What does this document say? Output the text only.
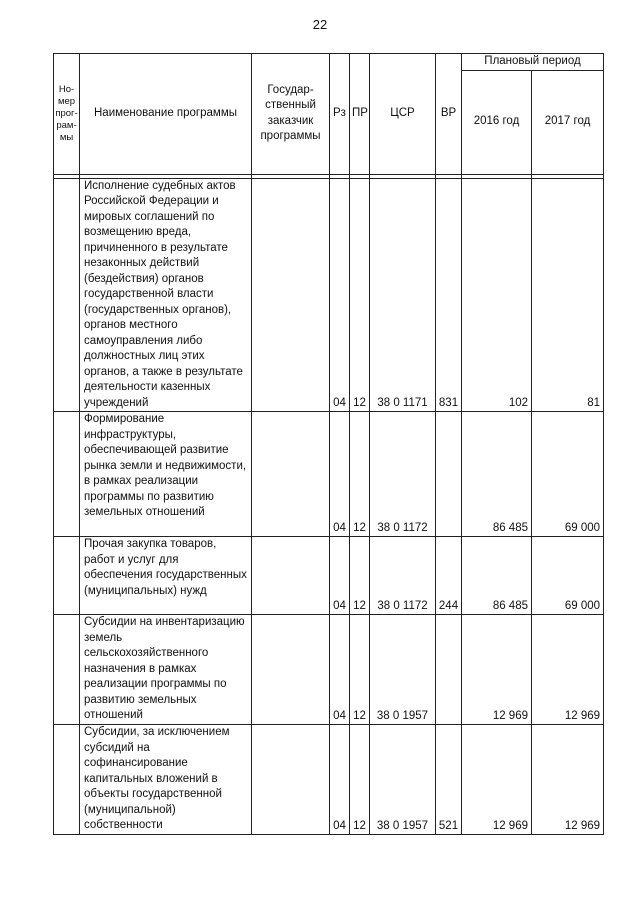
22
Но-
мер
прог-
рам-
мы	Наименование программы	Государ-
ственный
заказчик
программы	Рз	ПР	ЦСР	ВР	Плановый период	
							2016 год	2017 год

	Исполнение судебных актов Российской Федерации и мировых соглашений по возмещению вреда, причиненного в результате незаконных действий (бездействия) органов государственной власти (государственных органов), органов местного самоуправления либо должностных лиц этих органов, а также в результате деятельности казенных учреждений		04	12	38 0 1171	831	102	81
	Формирование инфраструктуры, обеспечивающей развитие рынка земли и недвижимости, в рамках реализации программы по развитию земельных отношений		04	12	38 0 1172		86 485	69 000
	Прочая закупка товаров, работ и услуг для обеспечения государственных (муниципальных) нужд		04	12	38 0 1172	244	86 485	69 000
	Субсидии на инвентаризацию земель сельскохозяйственного назначения в рамках реализации программы по развитию земельных отношений		04	12	38 0 1957		12 969	12 969
	Субсидии, за исключением субсидий на софинансирование капитальных вложений в объекты государственной (муниципальной) собственности		04	12	38 0 1957	521	12 969	12 969
